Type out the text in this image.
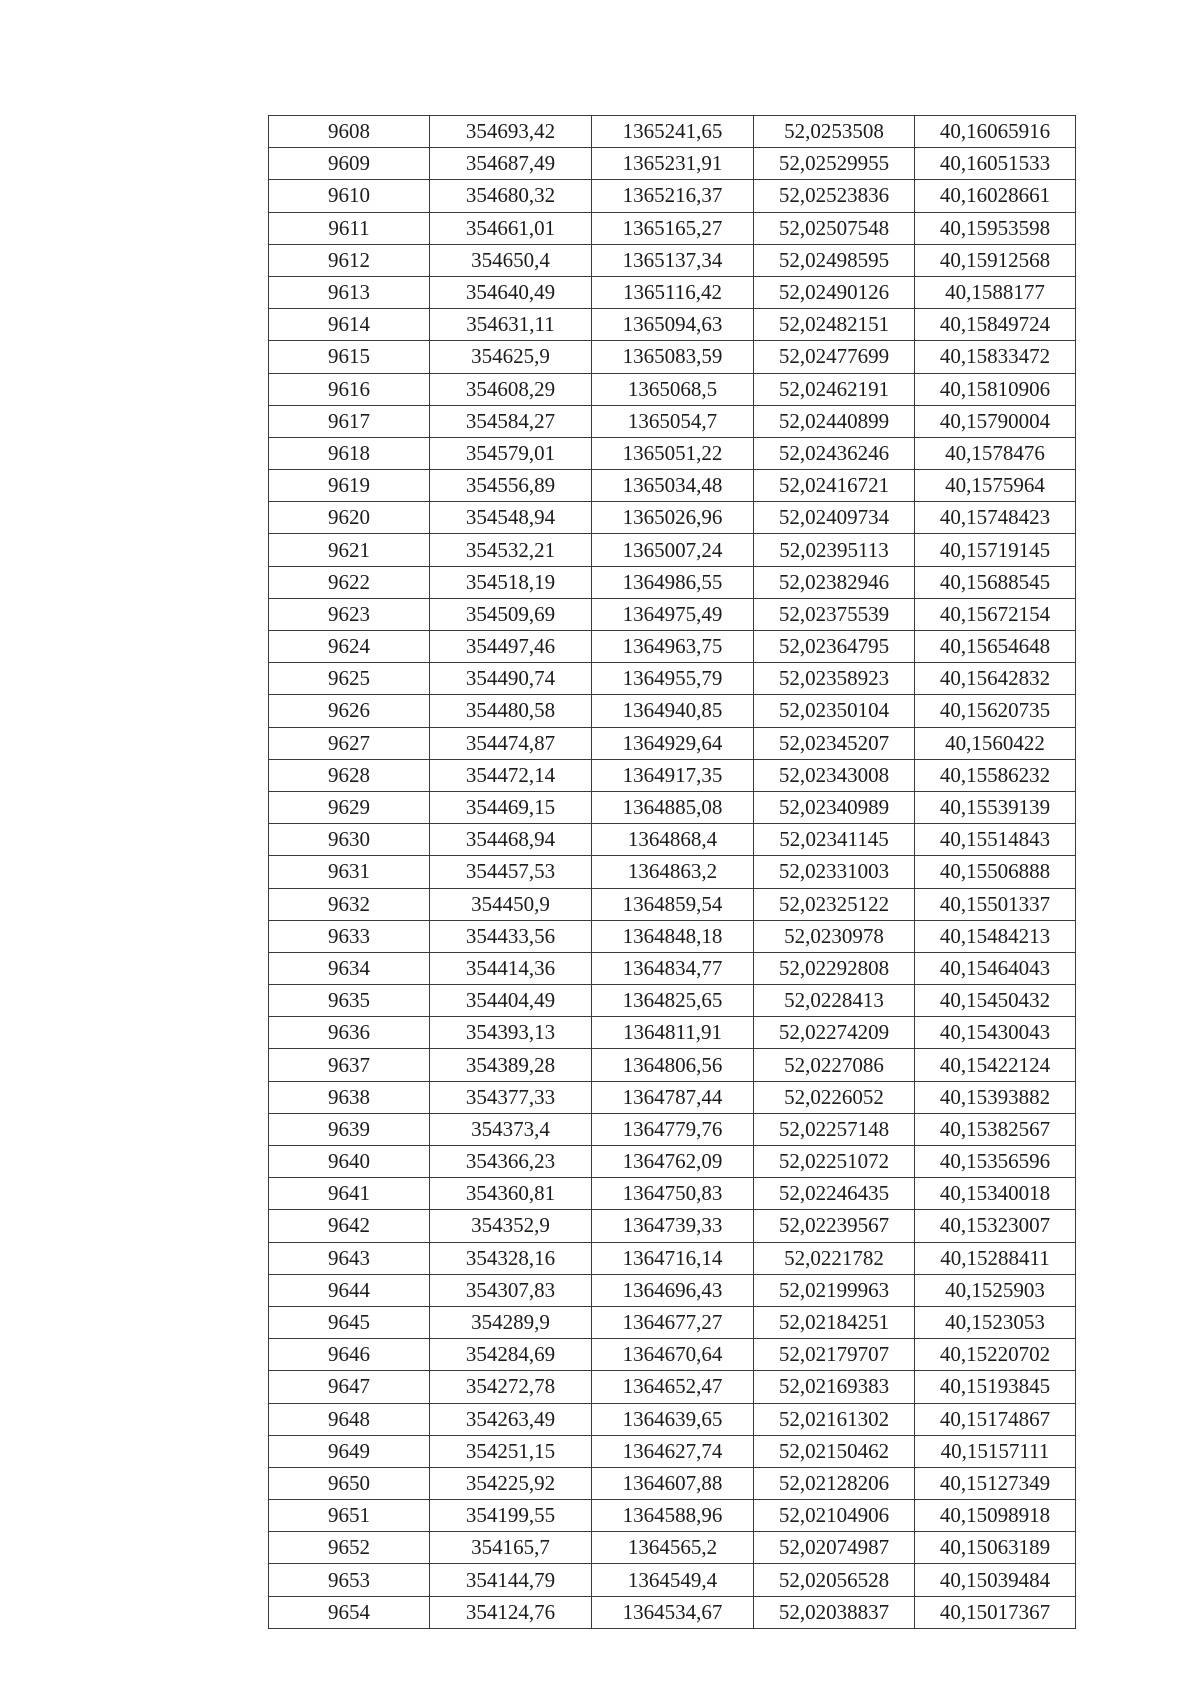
9608	354693,42	1365241,65	52,0253508	40,16065916
9609	354687,49	1365231,91	52,02529955	40,16051533
9610	354680,32	1365216,37	52,02523836	40,16028661
9611	354661,01	1365165,27	52,02507548	40,15953598
9612	354650,4	1365137,34	52,02498595	40,15912568
9613	354640,49	1365116,42	52,02490126	40,1588177
9614	354631,11	1365094,63	52,02482151	40,15849724
9615	354625,9	1365083,59	52,02477699	40,15833472
9616	354608,29	1365068,5	52,02462191	40,15810906
9617	354584,27	1365054,7	52,02440899	40,15790004
9618	354579,01	1365051,22	52,02436246	40,1578476
9619	354556,89	1365034,48	52,02416721	40,1575964
9620	354548,94	1365026,96	52,02409734	40,15748423
9621	354532,21	1365007,24	52,02395113	40,15719145
9622	354518,19	1364986,55	52,02382946	40,15688545
9623	354509,69	1364975,49	52,02375539	40,15672154
9624	354497,46	1364963,75	52,02364795	40,15654648
9625	354490,74	1364955,79	52,02358923	40,15642832
9626	354480,58	1364940,85	52,02350104	40,15620735
9627	354474,87	1364929,64	52,02345207	40,1560422
9628	354472,14	1364917,35	52,02343008	40,15586232
9629	354469,15	1364885,08	52,02340989	40,15539139
9630	354468,94	1364868,4	52,02341145	40,15514843
9631	354457,53	1364863,2	52,02331003	40,15506888
9632	354450,9	1364859,54	52,02325122	40,15501337
9633	354433,56	1364848,18	52,0230978	40,15484213
9634	354414,36	1364834,77	52,02292808	40,15464043
9635	354404,49	1364825,65	52,0228413	40,15450432
9636	354393,13	1364811,91	52,02274209	40,15430043
9637	354389,28	1364806,56	52,0227086	40,15422124
9638	354377,33	1364787,44	52,0226052	40,15393882
9639	354373,4	1364779,76	52,02257148	40,15382567
9640	354366,23	1364762,09	52,02251072	40,15356596
9641	354360,81	1364750,83	52,02246435	40,15340018
9642	354352,9	1364739,33	52,02239567	40,15323007
9643	354328,16	1364716,14	52,0221782	40,15288411
9644	354307,83	1364696,43	52,02199963	40,1525903
9645	354289,9	1364677,27	52,02184251	40,1523053
9646	354284,69	1364670,64	52,02179707	40,15220702
9647	354272,78	1364652,47	52,02169383	40,15193845
9648	354263,49	1364639,65	52,02161302	40,15174867
9649	354251,15	1364627,74	52,02150462	40,15157111
9650	354225,92	1364607,88	52,02128206	40,15127349
9651	354199,55	1364588,96	52,02104906	40,15098918
9652	354165,7	1364565,2	52,02074987	40,15063189
9653	354144,79	1364549,4	52,02056528	40,15039484
9654	354124,76	1364534,67	52,02038837	40,15017367
